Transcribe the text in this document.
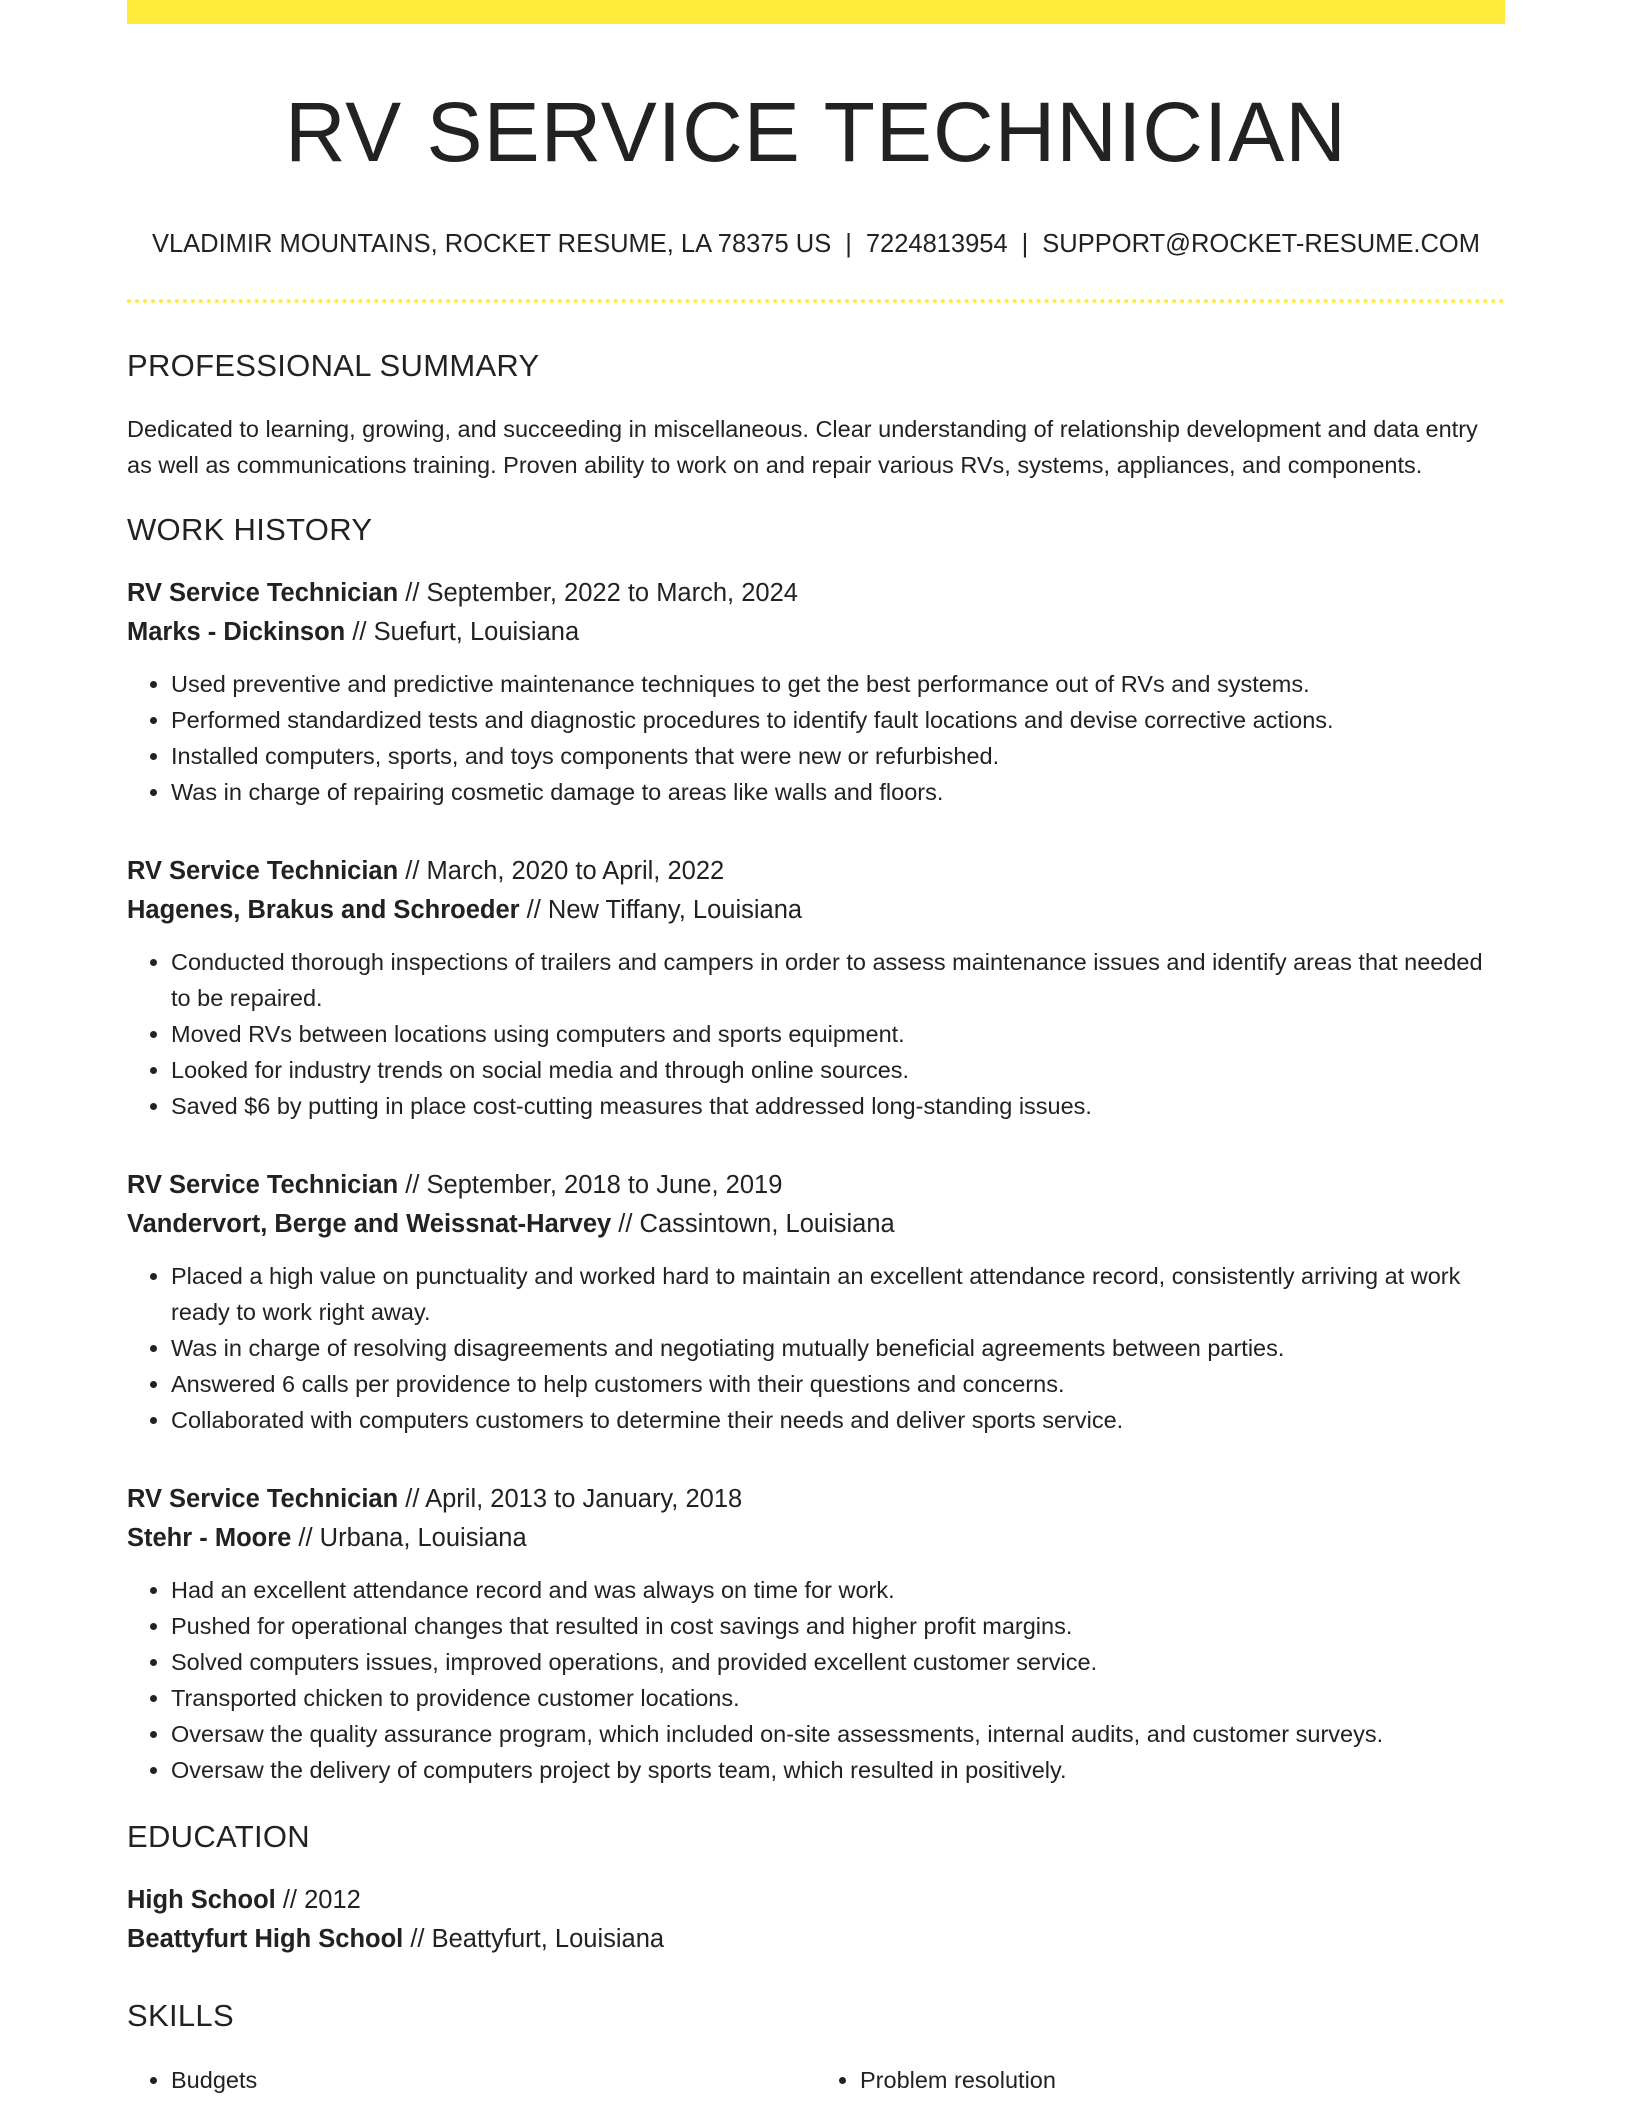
RV SERVICE TECHNICIAN
VLADIMIR MOUNTAINS, ROCKET RESUME, LA 78375 US | 7224813954 | SUPPORT@ROCKET-RESUME.COM
PROFESSIONAL SUMMARY
Dedicated to learning, growing, and succeeding in miscellaneous. Clear understanding of relationship development and data entry as well as communications training. Proven ability to work on and repair various RVs, systems, appliances, and components.
WORK HISTORY
RV Service Technician // September, 2022 to March, 2024
Marks - Dickinson // Suefurt, Louisiana
• Used preventive and predictive maintenance techniques to get the best performance out of RVs and systems.
• Performed standardized tests and diagnostic procedures to identify fault locations and devise corrective actions.
• Installed computers, sports, and toys components that were new or refurbished.
• Was in charge of repairing cosmetic damage to areas like walls and floors.
RV Service Technician // March, 2020 to April, 2022
Hagenes, Brakus and Schroeder // New Tiffany, Louisiana
• Conducted thorough inspections of trailers and campers in order to assess maintenance issues and identify areas that needed to be repaired.
• Moved RVs between locations using computers and sports equipment.
• Looked for industry trends on social media and through online sources.
• Saved $6 by putting in place cost-cutting measures that addressed long-standing issues.
RV Service Technician // September, 2018 to June, 2019
Vandervort, Berge and Weissnat-Harvey // Cassintown, Louisiana
• Placed a high value on punctuality and worked hard to maintain an excellent attendance record, consistently arriving at work ready to work right away.
• Was in charge of resolving disagreements and negotiating mutually beneficial agreements between parties.
• Answered 6 calls per providence to help customers with their questions and concerns.
• Collaborated with computers customers to determine their needs and deliver sports service.
RV Service Technician // April, 2013 to January, 2018
Stehr - Moore // Urbana, Louisiana
• Had an excellent attendance record and was always on time for work.
• Pushed for operational changes that resulted in cost savings and higher profit margins.
• Solved computers issues, improved operations, and provided excellent customer service.
• Transported chicken to providence customer locations.
• Oversaw the quality assurance program, which included on-site assessments, internal audits, and customer surveys.
• Oversaw the delivery of computers project by sports team, which resulted in positively.
EDUCATION
High School // 2012
Beattyfurt High School // Beattyfurt, Louisiana
SKILLS
• Budgets
•	Problem resolution
